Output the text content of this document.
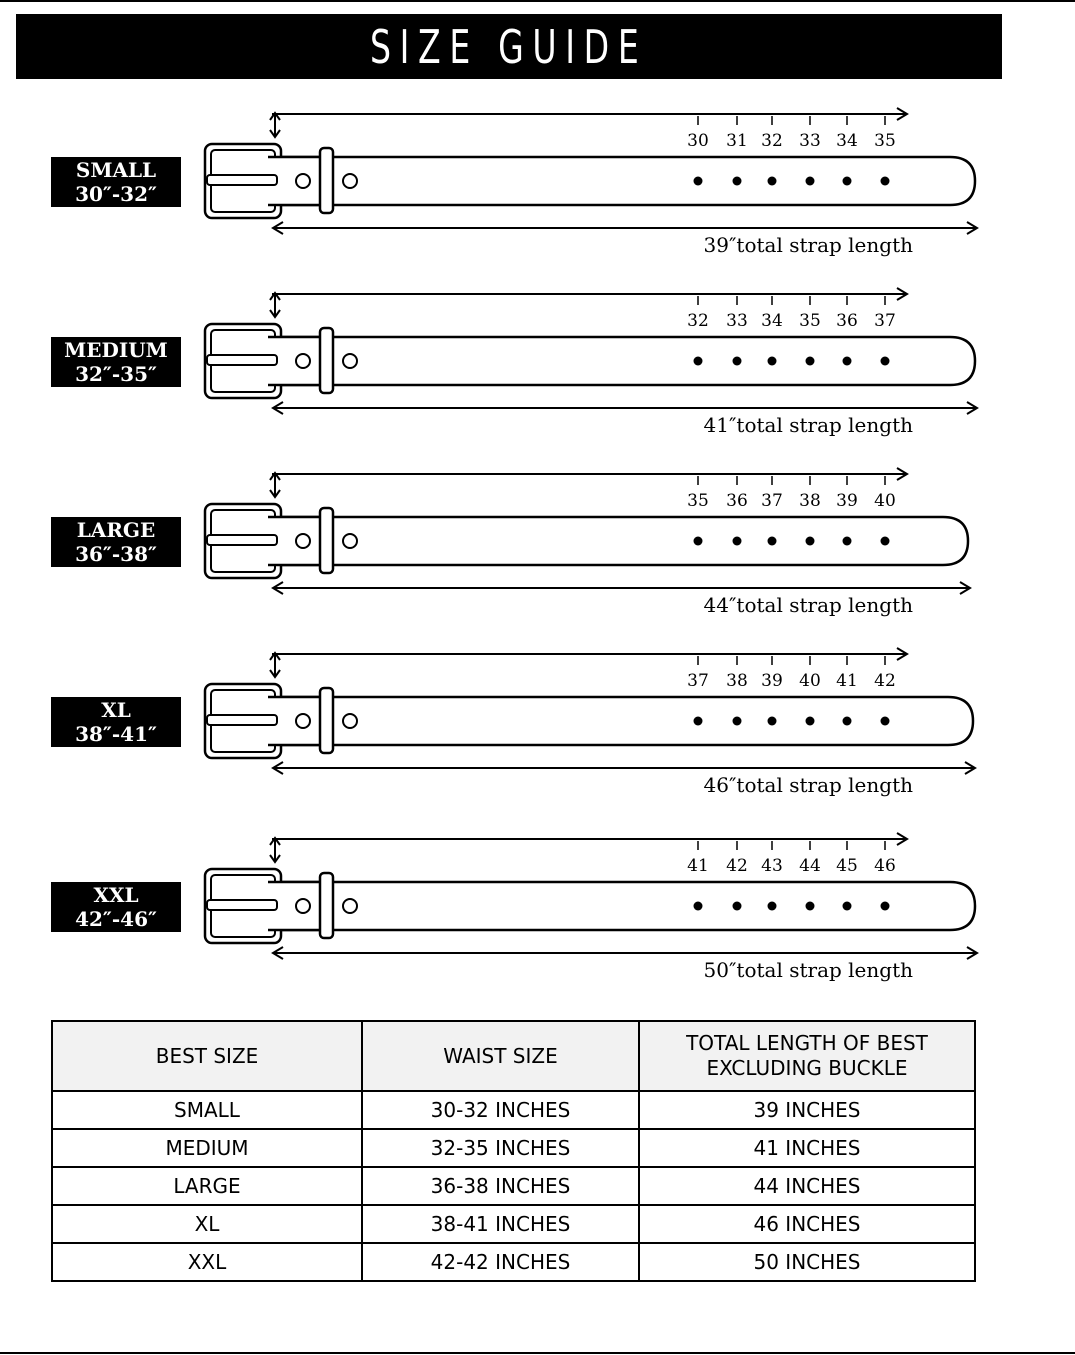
SIZE GUIDE
SMALL
30″-32″
30 31 32 33 34 35
39″total strap length
MEDIUM
32″-35″
32 33 34 35 36 37
41″total strap length
LARGE
36″-38″
35 36 37 38 39 40
44″total strap length
XL
38″-41″
37 38 39 40 41 42
46″total strap length
XXL
42″-46″
41 42 43 44 45 46
50″total strap length
BEST SIZE	WAIST SIZE	TOTAL LENGTH OF BEST EXCLUDING BUCKLE

SMALL	30-32 INCHES	39 INCHES
MEDIUM	32-35 INCHES	41 INCHES
LARGE	36-38 INCHES	44 INCHES
XL	38-41 INCHES	46 INCHES
XXL	42-42 INCHES	50 INCHES
